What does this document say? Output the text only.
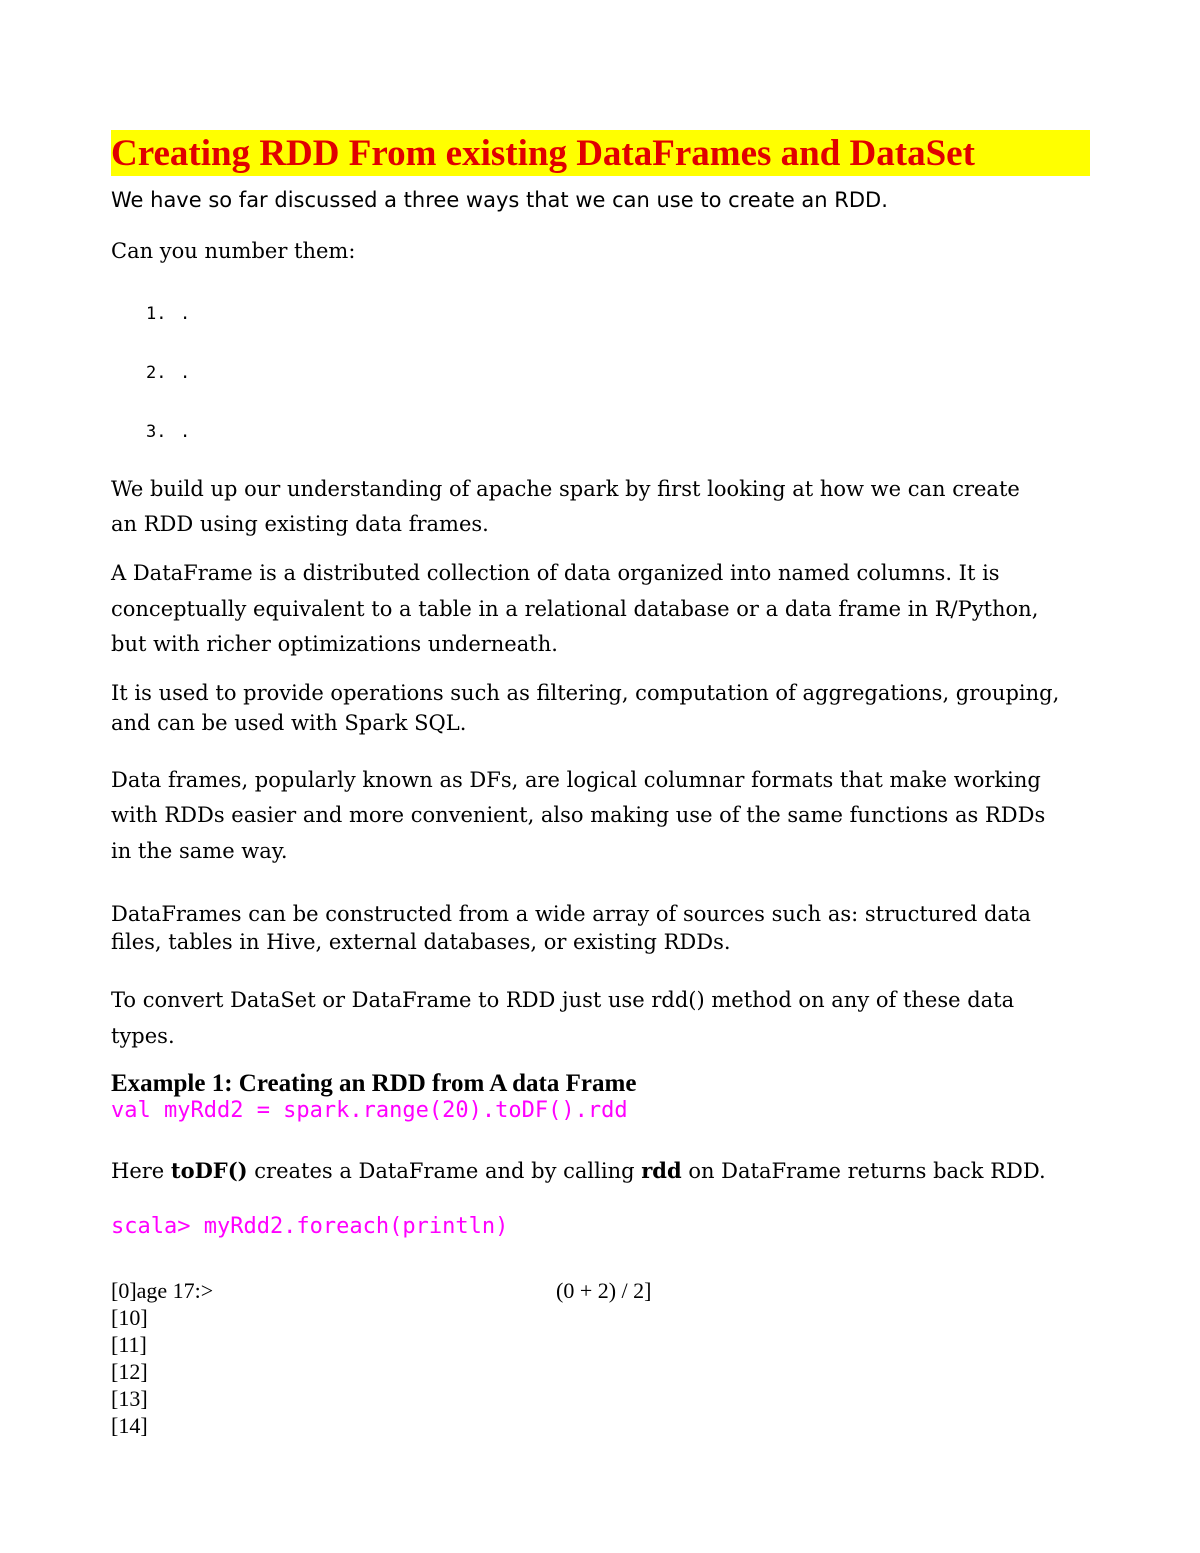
Creating RDD From existing DataFrames and DataSet
We have so far discussed a three ways that we can use to create an RDD.
Can you number them:
1. .
2. .
3. .
We build up our understanding of apache spark by first looking at how we can create
an RDD using existing data frames.
A DataFrame is a distributed collection of data organized into named columns. It is
conceptually equivalent to a table in a relational database or a data frame in R/Python,
but with richer optimizations underneath.
It is used to provide operations such as filtering, computation of aggregations, grouping,
and can be used with Spark SQL.
Data frames, popularly known as DFs, are logical columnar formats that make working
with RDDs easier and more convenient, also making use of the same functions as RDDs
in the same way.
DataFrames can be constructed from a wide array of sources such as: structured data
files, tables in Hive, external databases, or existing RDDs.
To convert DataSet or DataFrame to RDD just use rdd() method on any of these data
types.
Example 1: Creating an RDD from A data Frame
val myRdd2 = spark.range(20).toDF().rdd
Here toDF() creates a DataFrame and by calling rdd on DataFrame returns back RDD.
scala> myRdd2.foreach(println)
[0]age 17:>	(0 + 2) / 2]
[10]
[11]
[12]
[13]
[14]
